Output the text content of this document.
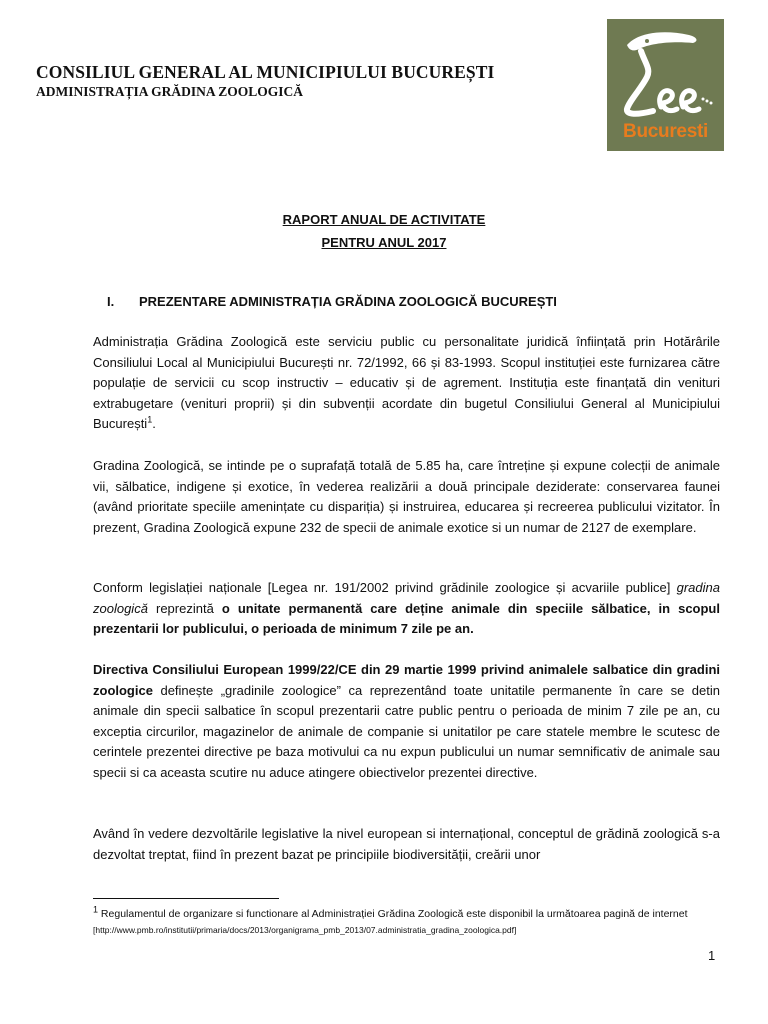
CONSILIUL GENERAL AL MUNICIPIULUI BUCUREȘTI
ADMINISTRAȚIA GRĂDINA ZOOLOGICĂ
Bucuresti
RAPORT ANUAL DE ACTIVITATE
PENTRU ANUL 2017
I. PREZENTARE ADMINISTRAȚIA GRĂDINA ZOOLOGICĂ BUCUREȘTI
Administrația Grădina Zoologică este serviciu public cu personalitate juridică înființată prin Hotărârile Consiliului Local al Municipiului București nr. 72/1992, 66 și 83-1993. Scopul instituției este furnizarea către populație de servicii cu scop instructiv – educativ și de agrement. Instituția este finanțată din venituri extrabugetare (venituri proprii) și din subvenții acordate din bugetul Consiliului General al Municipiului București$^1$.
Gradina Zoologică, se intinde pe o suprafață totală de 5.85 ha, care întreține și expune colecții de animale vii, sălbatice, indigene și exotice, în vederea realizării a două principale deziderate: conservarea faunei (având prioritate speciile amenințate cu dispariția) și instruirea, educarea și recreerea publicului vizitator. În prezent, Gradina Zoologică expune 232 de specii de animale exotice si un numar de 2127 de exemplare.
Conform legislației naționale [Legea nr. 191/2002 privind grădinile zoologice și acvariile publice] gradina zoologică reprezintă o unitate permanentă care deține animale din speciile sălbatice, in scopul prezentarii lor publicului, o perioada de minimum 7 zile pe an.
Directiva Consiliului European 1999/22/CE din 29 martie 1999 privind animalele salbatice din gradini zoologice definește „gradinile zoologice” ca reprezentând toate unitatile permanente în care se detin animale din specii salbatice în scopul prezentarii catre public pentru o perioada de minim 7 zile pe an, cu exceptia circurilor, magazinelor de animale de companie si unitatilor pe care statele membre le scutesc de cerintele prezentei directive pe baza motivului ca nu expun publicului un numar semnificativ de animale sau specii si ca aceasta scutire nu aduce atingere obiectivelor prezentei directive.
Având în vedere dezvoltările legislative la nivel european si internațional, conceptul de grădină zoologică s-a dezvoltat treptat, fiind în prezent bazat pe principiile biodiversității, creării unor
$^1$ Regulamentul de organizare si functionare al Administrației Grădina Zoologică este disponibil la următoarea pagină de internet [http://www.pmb.ro/institutii/primaria/docs/2013/organigrama_pmb_2013/07.administratia_gradina_zoologica.pdf]
1
